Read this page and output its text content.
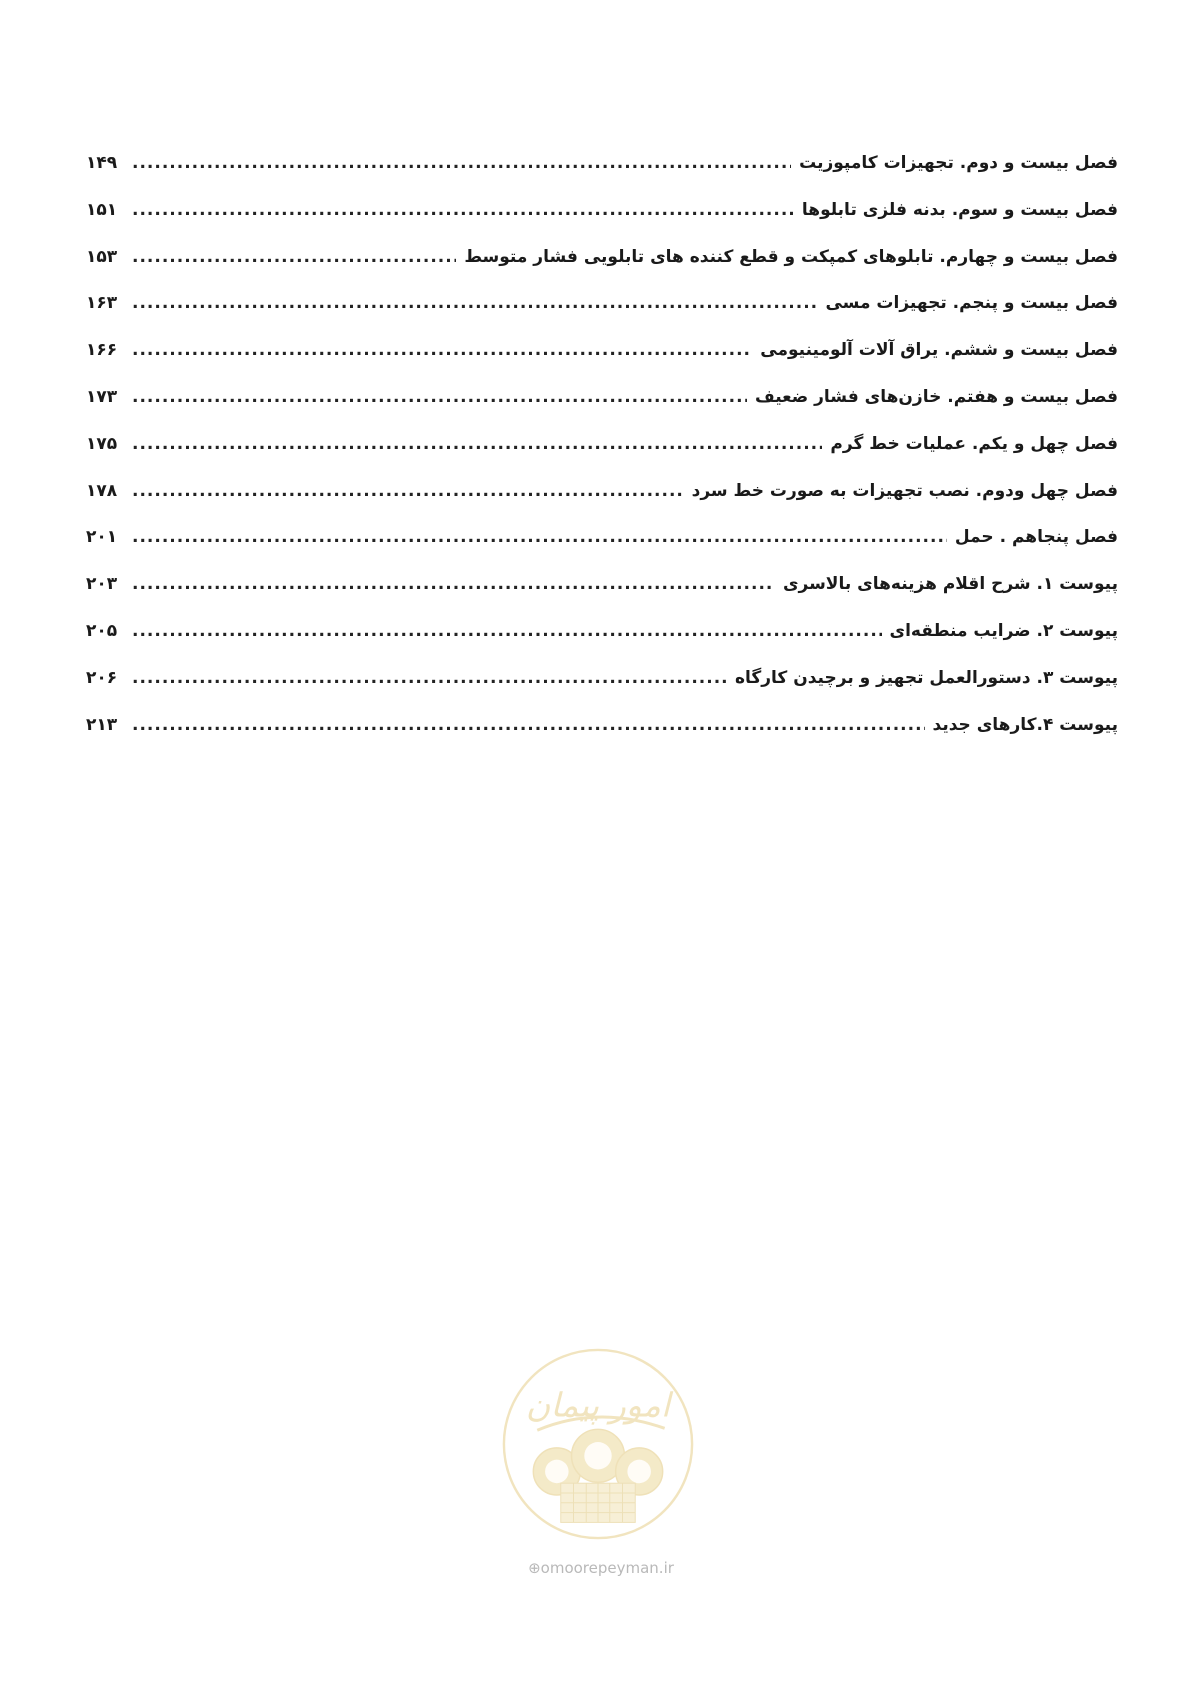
فصل بیست و دوم. تجهیزات کامپوزیت
.....
۱۴۹
فصل بیست و سوم. بدنه فلزی تابلوها
.....
۱۵۱
فصل بیست و چهارم. تابلوهای کمپکت و قطع کننده های تابلویی فشار متوسط
.....
۱۵۳
فصل بیست و پنجم. تجهیزات مسی
.....
۱۶۳
فصل بیست و ششم. یراق آلات آلومینیومی
.....
۱۶۶
فصل بیست و هفتم. خازن‌های فشار ضعیف
.....
۱۷۳
فصل چهل و یکم. عملیات خط گرم
.....
۱۷۵
فصل چهل ودوم. نصب تجهیزات به صورت خط سرد
.....
۱۷۸
فصل پنجاهم . حمل
.....
۲۰۱
پیوست ۱. شرح اقلام هزینه‌های بالاسری
.....
۲۰۳
پیوست ۲. ضرایب منطقه‌ای
.....
۲۰۵
پیوست ۳. دستورالعمل تجهیز و برچیدن کارگاه
.....
۲۰۶
پیوست ۴.کارهای جدید
.....
۲۱۳
امور پیمان
⊕omoorepeyman.ir
